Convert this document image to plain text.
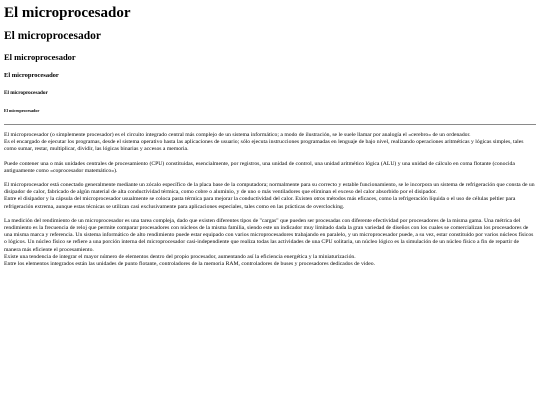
El microprocesador
El microprocesador
El microprocesador
El microprocesador
El microprocesador
El microprocesador

El microprocesador (o simplemente procesador) es el circuito integrado central más complejo de un sistema informático; a modo de ilustración, se le suele llamar por analogía el «cerebro» de un ordenador.
Es el encargado de ejecutar los programas, desde el sistema operativo hasta las aplicaciones de usuario; sólo ejecuta instrucciones programadas en lenguaje de bajo nivel, realizando operaciones aritméticas y lógicas simples, tales como sumar, restar, multiplicar, dividir, las lógicas binarias y accesos a memoria.

Puede contener una o más unidades centrales de procesamiento (CPU) constituidas, esencialmente, por registros, una unidad de control, una unidad aritmético lógica (ALU) y una unidad de cálculo en coma flotante (conocida antiguamente como «coprocesador matemático»).

El microprocesador está conectado generalmente mediante un zócalo específico de la placa base de la computadora; normalmente para su correcto y estable funcionamiento, se le incorpora un sistema de refrigeración que consta de un disipador de calor, fabricado de algún material de alta conductividad térmica, como cobre o aluminio, y de uno o más ventiladores que eliminan el exceso del calor absorbido por el disipador.
Entre el disipador y la cápsula del microprocesador usualmente se coloca pasta térmica para mejorar la conductividad del calor. Existen otros métodos más eficaces, como la refrigeración líquida o el uso de células peltier para refrigeración extrema, aunque estas técnicas se utilizan casi exclusivamente para aplicaciones especiales, tales como en las prácticas de overclocking.

La medición del rendimiento de un microprocesador es una tarea compleja, dado que existen diferentes tipos de "cargas" que pueden ser procesadas con diferente efectividad por procesadores de la misma gama. Una métrica del rendimiento es la frecuencia de reloj que permite comparar procesadores con núcleos de la misma familia, siendo este un indicador muy limitado dada la gran variedad de diseños con los cuales se comercializan los procesadores de una misma marca y referencia. Un sistema informático de alto rendimiento puede estar equipado con varios microprocesadores trabajando en paralelo, y un microprocesador puede, a su vez, estar constituido por varios núcleos físicos o lógicos. Un núcleo físico se refiere a una porción interna del microprocesador casi-independiente que realiza todas las actividades de una CPU solitaria, un núcleo lógico es la simulación de un núcleo físico a fin de repartir de manera más eficiente el procesamiento.
Existe una tendencia de integrar el mayor número de elementos dentro del propio procesador, aumentando así la eficiencia energética y la miniaturización.
Entre los elementos integrados están las unidades de punto flotante, controladores de la memoria RAM, controladores de buses y procesadores dedicados de video.
